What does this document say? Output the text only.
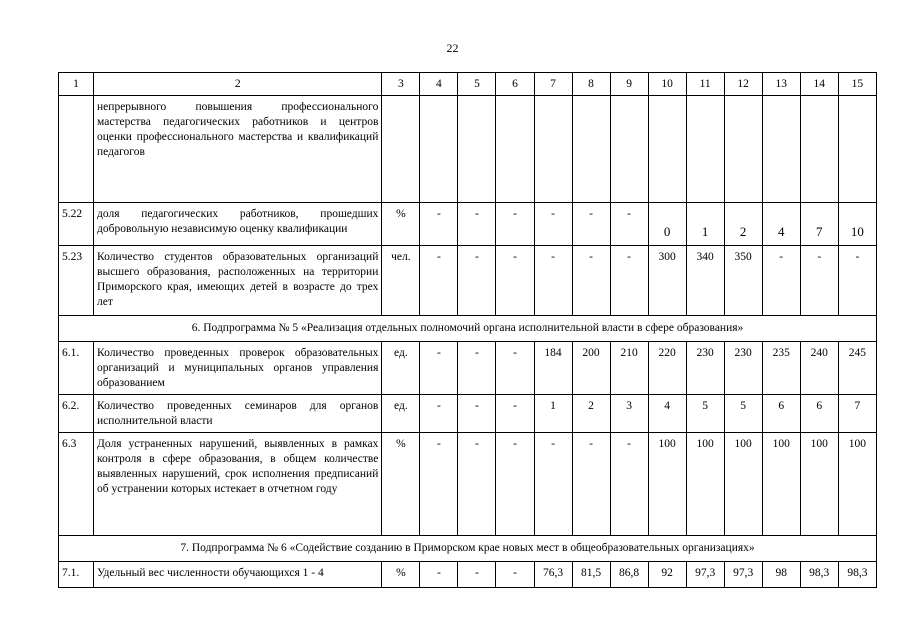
22
1	2	3	4	5	6	7	8	9	10	11	12	13	14	15
	непрерывного повышения профессионального мастерства педагогических работников и центров оценки профессионального мастерства и квалификаций педагогов													
5.22	доля педагогических работников, прошедших добровольную независимую оценку квалификации	%	-	-	-	-	-	-	0	1	2	4	7	10
5.23	Количество студентов образовательных организаций высшего образования, расположенных на территории Приморского края, имеющих детей в возрасте до трех лет	чел.	-	-	-	-	-	-	300	340	350	-	-	-
6. Подпрограмма № 5 «Реализация отдельных полномочий органа исполнительной власти в сфере образования»														
6.1.	Количество проведенных проверок образовательных организаций и муниципальных органов управления образованием	ед.	-	-	-	184	200	210	220	230	230	235	240	245
6.2.	Количество проведенных семинаров для органов исполнительной власти	ед.	-	-	-	1	2	3	4	5	5	6	6	7
6.3	Доля устраненных нарушений, выявленных в рамках контроля в сфере образования, в общем количестве выявленных нарушений, срок исполнения предписаний об устранении которых истекает в отчетном году	%	-	-	-	-	-	-	100	100	100	100	100	100
7. Подпрограмма № 6 «Содействие созданию в Приморском крае новых мест в общеобразовательных организациях»														
7.1.	Удельный вес численности обучающихся 1 - 4	%	-	-	-	76,3	81,5	86,8	92	97,3	97,3	98	98,3	98,3
